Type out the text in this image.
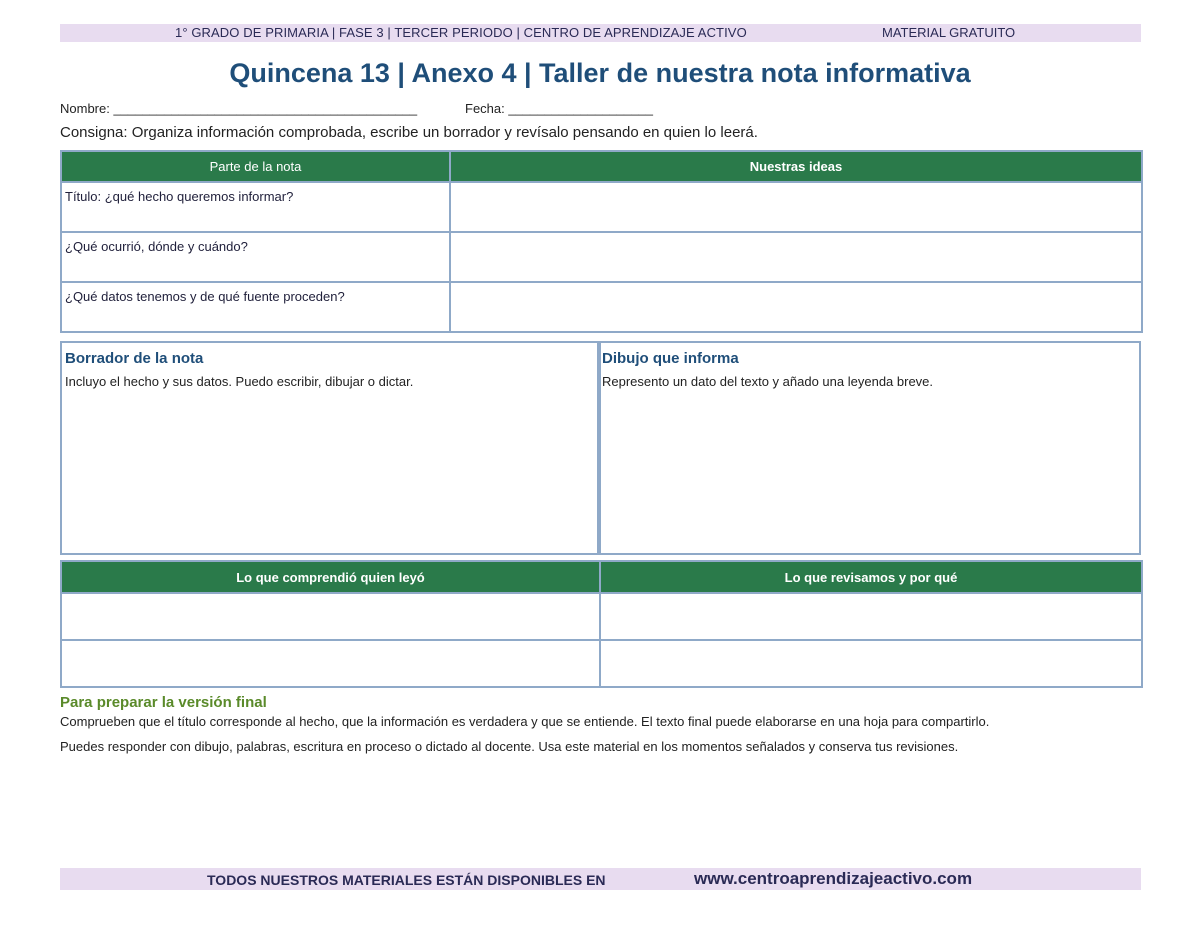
1° GRADO DE PRIMARIA | FASE 3 | TERCER PERIODO | CENTRO DE APRENDIZAJE ACTIVO	MATERIAL GRATUITO
Quincena 13 | Anexo 4 | Taller de nuestra nota informativa
Nombre: __________________________________________	Fecha: ____________________
Consigna: Organiza información comprobada, escribe un borrador y revísalo pensando en quien lo leerá.
Parte de la nota	Nuestras ideas

Título: ¿qué hecho queremos informar?	

¿Qué ocurrió, dónde y cuándo?	

¿Qué datos tenemos y de qué fuente proceden?	

Borrador de la nota

Incluyo el hecho y sus datos. Puedo escribir, dibujar o dictar.

Dibujo que informa

Represento un dato del texto y añado una leyenda breve.

Lo que comprendió quien leyó	Lo que revisamos y por qué

Para preparar la versión final
Comprueben que el título corresponde al hecho, que la información es verdadera y que se entiende. El texto final puede elaborarse en una hoja para compartirlo.
Puedes responder con dibujo, palabras, escritura en proceso o dictado al docente. Usa este material en los momentos señalados y conserva tus revisiones.
TODOS NUESTROS MATERIALES ESTÁN DISPONIBLES EN	www.centroaprendizajeactivo.com
